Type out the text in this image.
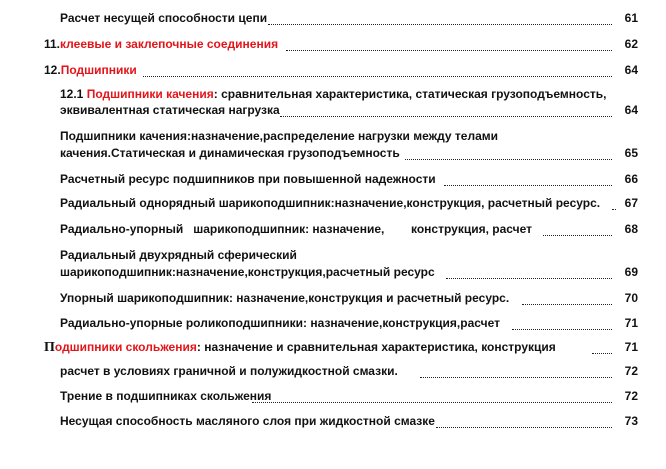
Расчет несущей способности цепи	61
11.клеевые и заклепочные соединения	62
12.Подшипники	64
12.1 Подшипники качения: сравнительная характеристика, статическая грузоподъемность,
эквивалентная статическая нагрузка	64
Подшипники качения:назначение,распределение нагрузки между телами
качения.Статическая и динамическая грузоподъемность	65
Расчетный ресурс подшипников при повышенной надежности	66
Радиальный однорядный шарикоподшипник:назначение,конструкция, расчетный ресурс.	67
Радиально-упорный   шарикоподшипник: назначение,        конструкция, расчет	68
Радиальный двухрядный сферический
шарикоподшипник:назначение,конструкция,расчетный ресурс	69
Упорный шарикоподшипник: назначение,конструкция и расчетный ресурс.	70
Радиально-упорные роликоподшипники: назначение,конструкция,расчет	71
Подшипники скольжения: назначение и сравнительная характеристика, конструкция	71
расчет в условиях граничной и полужидкостной смазки.	72
Трение в подшипниках скольжения	72
Несущая способность масляного слоя при жидкостной смазке	73
